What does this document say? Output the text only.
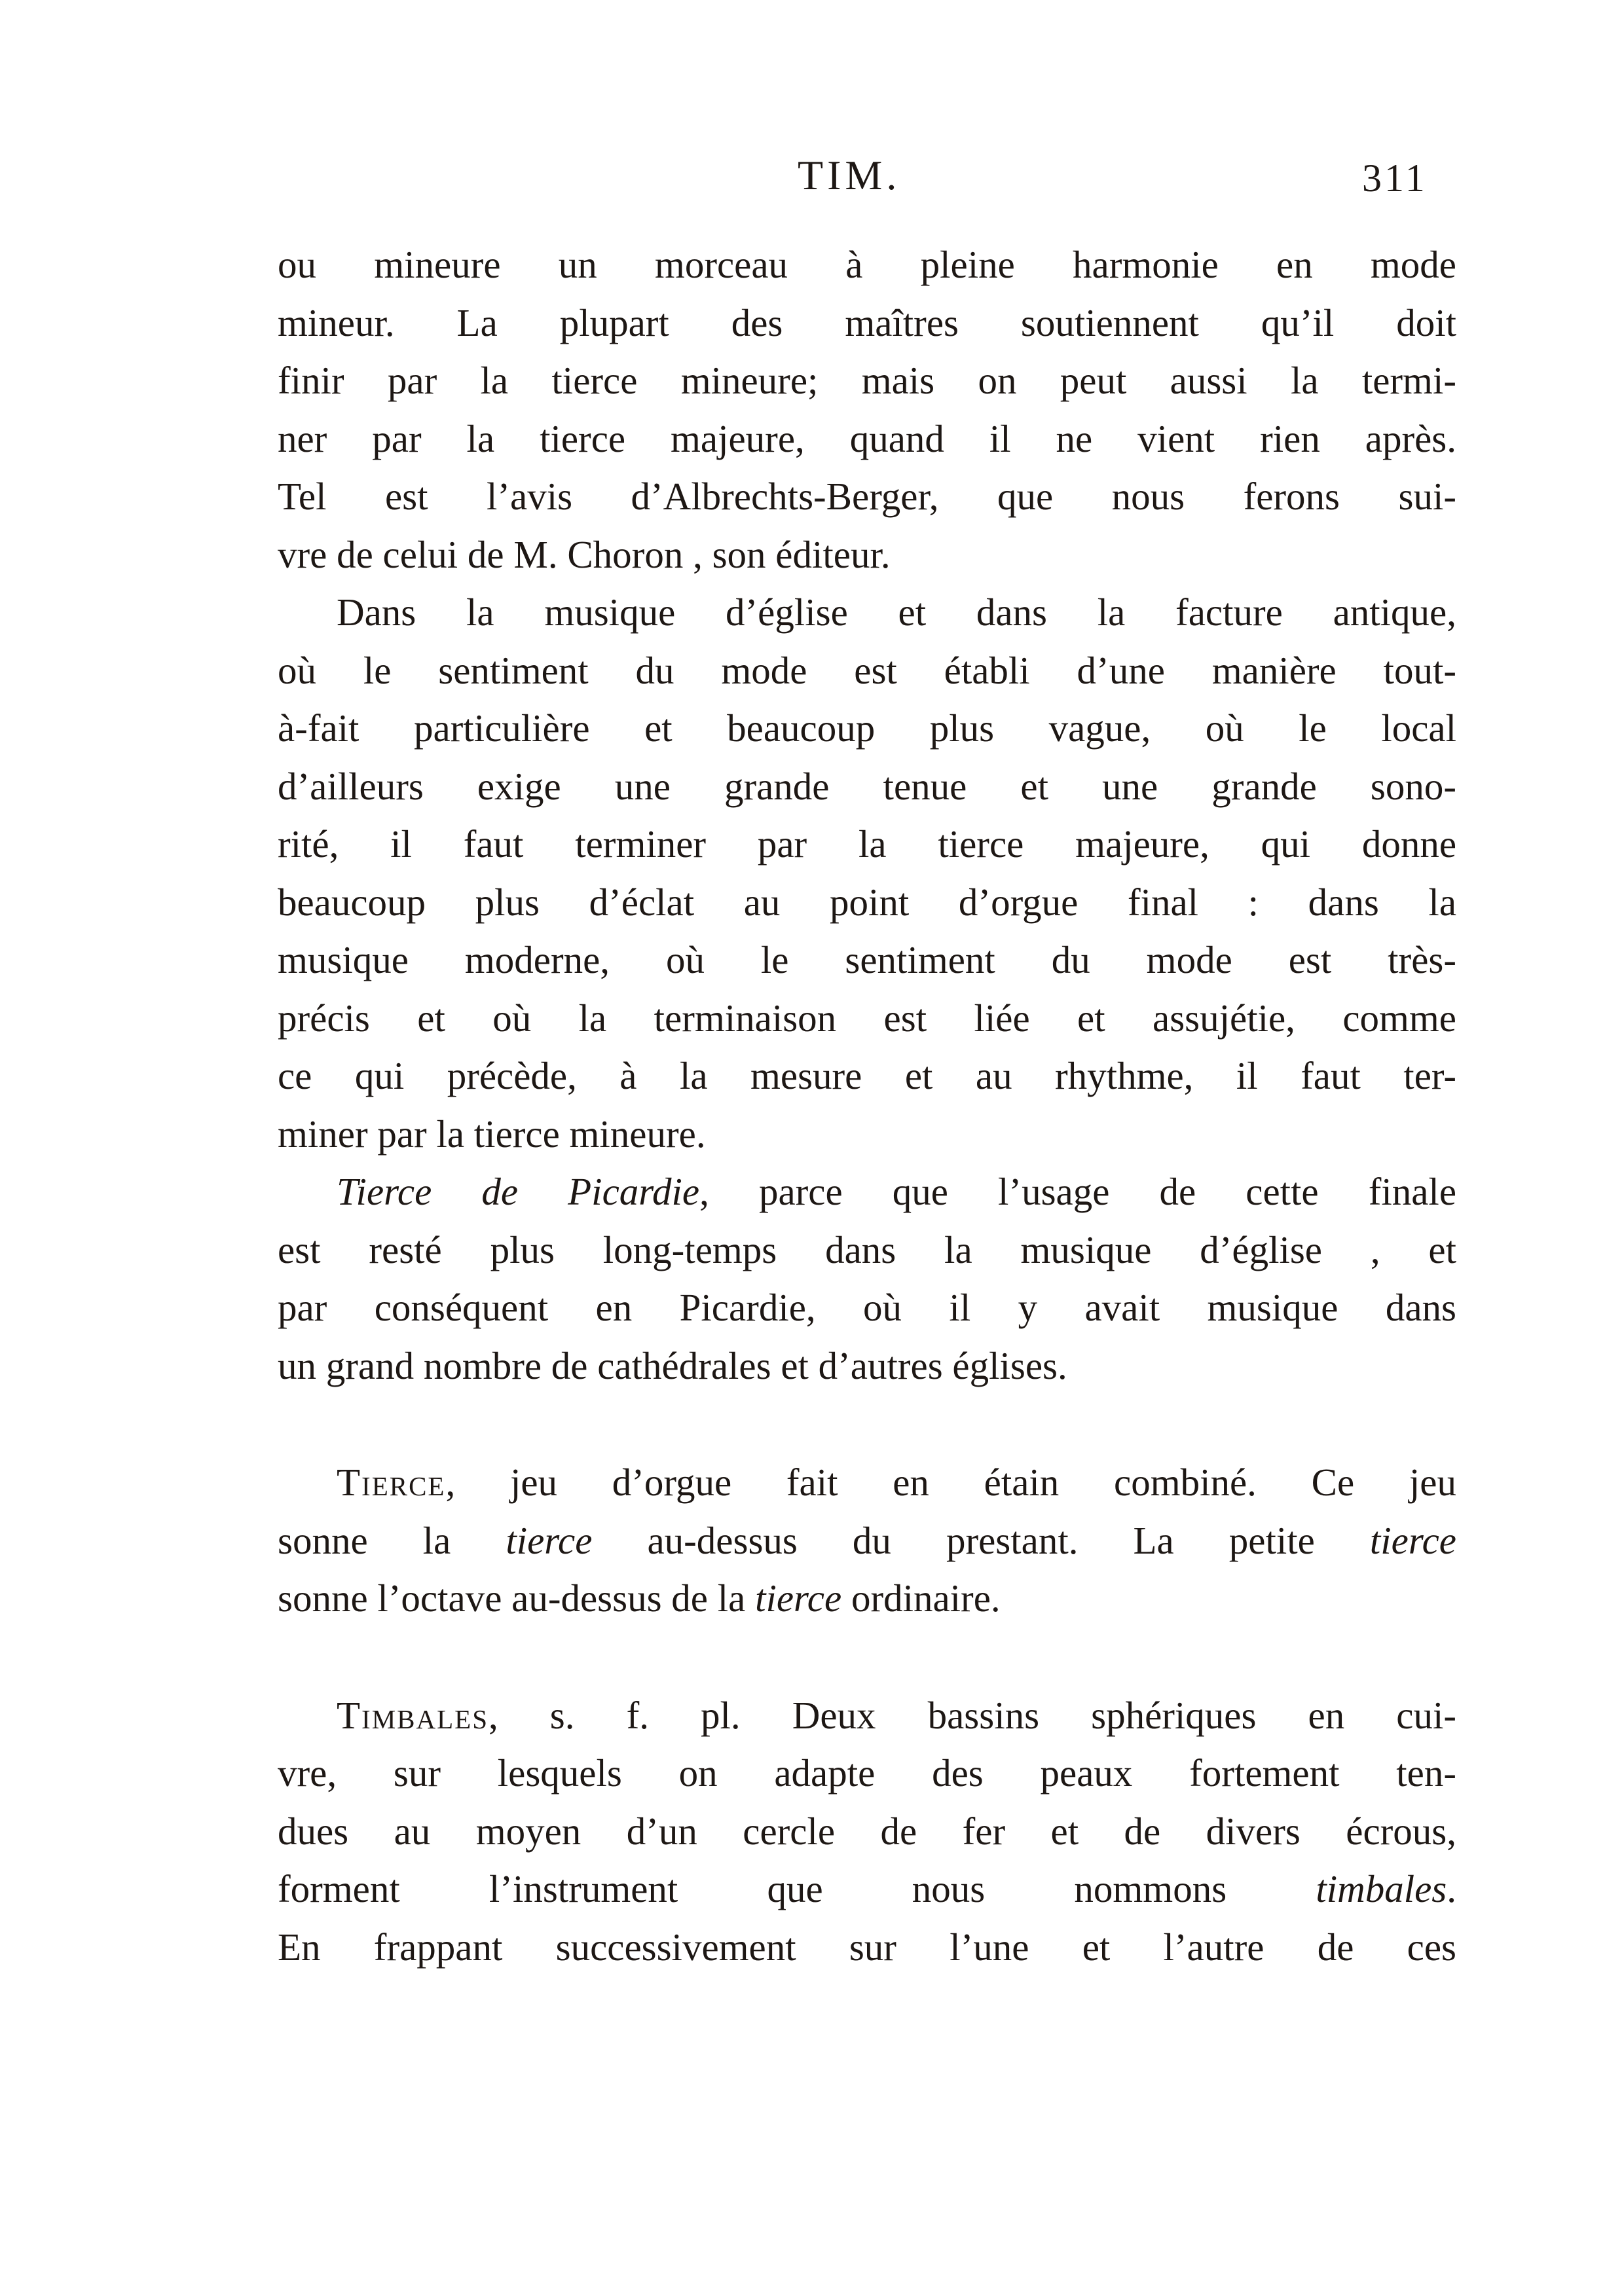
TIM.	311
ou mineure un morceau à pleine harmonie en mode
mineur. La plupart des maîtres soutiennent qu’il doit
finir par la tierce mineure; mais on peut aussi la termi-
ner par la tierce majeure, quand il ne vient rien après.
Tel est l’avis d’Albrechts-Berger, que nous ferons sui-
vre de celui de M. Choron , son éditeur.
Dans la musique d’église et dans la facture antique,
où le sentiment du mode est établi d’une manière tout-
à-fait particulière et beaucoup plus vague, où le local
d’ailleurs exige une grande tenue et une grande sono-
rité, il faut terminer par la tierce majeure, qui donne
beaucoup plus d’éclat au point d’orgue final : dans la
musique moderne, où le sentiment du mode est très-
précis et où la terminaison est liée et assujétie, comme
ce qui précède, à la mesure et au rhythme, il faut ter-
miner par la tierce mineure.
Tierce de Picardie, parce que l’usage de cette finale
est resté plus long-temps dans la musique d’église , et
par conséquent en Picardie, où il y avait musique dans
un grand nombre de cathédrales et d’autres églises.
Tierce, jeu d’orgue fait en étain combiné. Ce jeu
sonne la tierce au-dessus du prestant. La petite tierce
sonne l’octave au-dessus de la tierce ordinaire.
Timbales, s. f. pl. Deux bassins sphériques en cui-
vre, sur lesquels on adapte des peaux fortement ten-
dues au moyen d’un cercle de fer et de divers écrous,
forment l’instrument que nous nommons timbales.
En frappant successivement sur l’une et l’autre de ces
